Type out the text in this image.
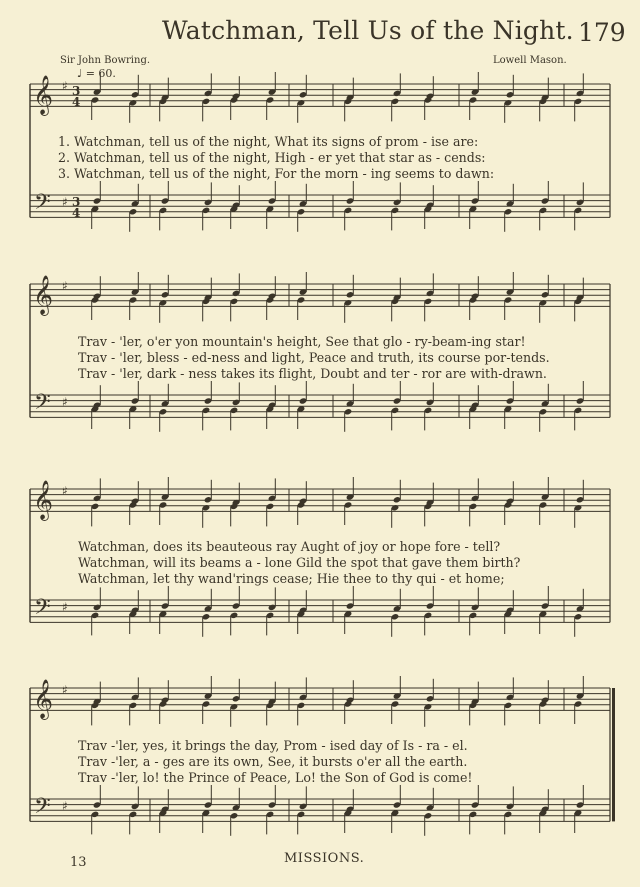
Watchman, Tell Us of the Night. 179
Sir John Bowring.	Lowell Mason.
♩ = 60.
𝄞
𝄢
♯
♯
3
4
3
4
𝄞
𝄢
♯
♯
𝄞
𝄢
♯
♯
𝄞
𝄢
♯
♯
1. Watchman, tell us of the night, What its signs of prom - ise are:
2. Watchman, tell us of the night, High - er yet that star as - cends:
3. Watchman, tell us of the night, For the morn - ing seems to dawn:
Trav - 'ler, o'er yon mountain's height, See that glo - ry-beam-ing star!
Trav - 'ler, bless - ed-ness and light, Peace and truth, its course por-tends.
Trav - 'ler, dark - ness takes its flight, Doubt and ter - ror are with-drawn.
Watchman, does its beauteous ray Aught of joy or hope fore - tell?
Watchman, will its beams a - lone Gild the spot that gave them birth?
Watchman, let thy wand'rings cease; Hie thee to thy qui - et home;
Trav -'ler, yes, it brings the day, Prom - ised day of Is - ra - el.
Trav -'ler, a - ges are its own, See, it bursts o'er all the earth.
Trav -'ler, lo! the Prince of Peace, Lo! the Son of God is come!
13	MISSIONS.
